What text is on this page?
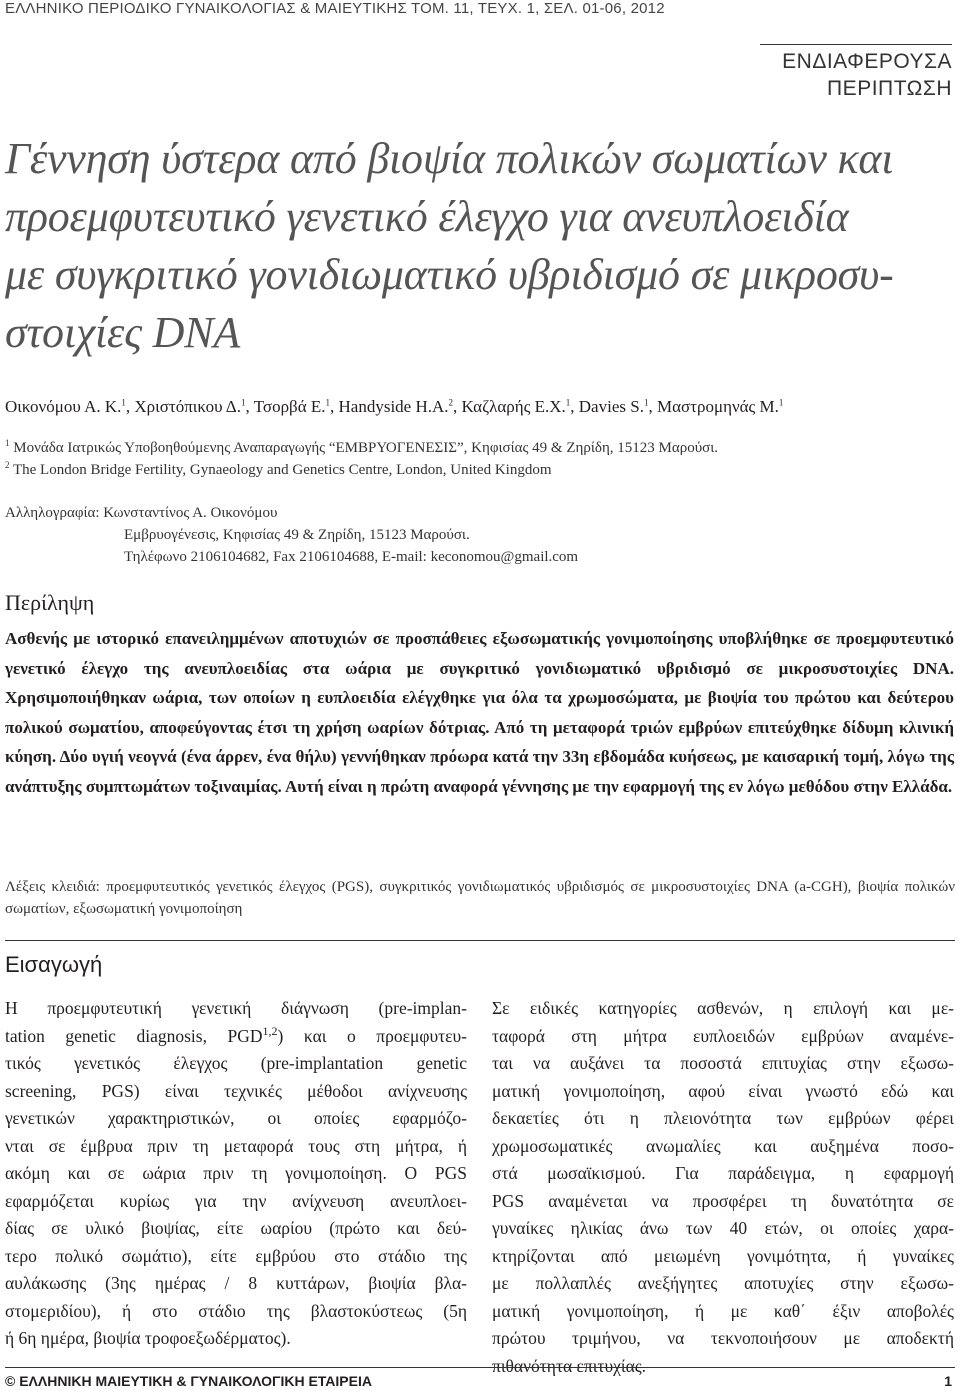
ΕΛΛΗΝΙΚΟ ΠΕΡΙΟΔΙΚΟ ΓΥΝΑΙΚΟΛΟΓΙΑΣ & ΜΑΙΕΥΤΙΚΗΣ ΤΟΜ. 11, ΤΕΥΧ. 1, ΣΕΛ. 01-06, 2012
ΕΝΔΙΑΦΕΡΟΥΣΑ
ΠΕΡΙΠΤΩΣΗ
Γέννηση ύστερα από βιοψία πολικών σωματίων και
προεμφυτευτικό γενετικό έλεγχο για ανευπλοειδία
με συγκριτικό γονιδιωματικό υβριδισμό σε μικροσυ-
στοιχίες DNA
Οικονόμου Α. Κ.$^1$, Χριστόπικου Δ.$^1$, Τσορβά Ε.$^1$, Handyside H.A.$^2$, Καζλαρής Ε.Χ.$^1$, Davies S.$^1$, Μαστρομηνάς Μ.$^1$
$^1$ Μονάδα Ιατρικώς Υποβοηθούμενης Αναπαραγωγής “ΕΜΒΡΥΟΓΕΝΕΣΙΣ”, Κηφισίας 49 & Ζηρίδη, 15123 Μαρούσι.
$^2$ The London Bridge Fertility, Gynaeology and Genetics Centre, London, United Kingdom
Αλληλογραφία: Κωνσταντίνος Α. Οικονόμου
Εμβρυογένεσις, Κηφισίας 49 & Ζηρίδη, 15123 Μαρούσι.
Τηλέφωνο 2106104682, Fax 2106104688, E-mail: keconomou@gmail.com
Περίληψη
Ασθενής με ιστορικό επανειλημμένων αποτυχιών σε προσπάθειες εξωσωματικής γονιμοποίησης υποβλήθηκε σε προεμφυτευτικό γενετικό έλεγχο της ανευπλοειδίας στα ωάρια με συγκριτικό γονιδιωματικό υβριδισμό σε μικροσυστοιχίες DNA. Χρησιμοποιήθηκαν ωάρια, των οποίων η ευπλοειδία ελέγχθηκε για όλα τα χρωμοσώματα, με βιοψία του πρώτου και δεύτερου πολικού σωματίου, αποφεύγοντας έτσι τη χρήση ωαρίων δότριας. Από τη μεταφορά τριών εμβρύων επιτεύχθηκε δίδυμη κλινική κύηση. Δύο υγιή νεογνά (ένα άρρεν, ένα θήλυ) γεννήθηκαν πρόωρα κατά την 33η εβδομάδα κυήσεως, με καισαρική τομή, λόγω της ανάπτυξης συμπτωμάτων τοξιναιμίας. Αυτή είναι η πρώτη αναφορά γέννησης με την εφαρμογή της εν λόγω μεθόδου στην Ελλάδα.
Λέξεις κλειδιά: προεμφυτευτικός γενετικός έλεγχος (PGS), συγκριτικός γονιδιωματικός υβριδισμός σε μικροσυστοιχίες DNA (a-CGH), βιοψία πολικών σωματίων, εξωσωματική γονιμοποίηση
Εισαγωγή
Η προεμφυτευτική γενετική διάγνωση (pre-implan-
tation genetic diagnosis, PGD$^{1,2}$) και ο προεμφυτευ-
τικός γενετικός έλεγχος (pre-implantation genetic
screening, PGS) είναι τεχνικές μέθοδοι ανίχνευσης
γενετικών χαρακτηριστικών, οι οποίες εφαρμόζο-
νται σε έμβρυα πριν τη μεταφορά τους στη μήτρα, ή
ακόμη και σε ωάρια πριν τη γονιμοποίηση. Ο PGS
εφαρμόζεται κυρίως για την ανίχνευση ανευπλοει-
δίας σε υλικό βιοψίας, είτε ωαρίου (πρώτο και δεύ-
τερο πολικό σωμάτιο), είτε εμβρύου στο στάδιο της
αυλάκωσης (3ης ημέρας / 8 κυττάρων, βιοψία βλα-
στομεριδίου), ή στο στάδιο της βλαστοκύστεως (5η
ή 6η ημέρα, βιοψία τροφοεξωδέρματος).
Σε ειδικές κατηγορίες ασθενών, η επιλογή και με-
ταφορά στη μήτρα ευπλοειδών εμβρύων αναμένε-
ται να αυξάνει τα ποσοστά επιτυχίας στην εξωσω-
ματική γονιμοποίηση, αφού είναι γνωστό εδώ και
δεκαετίες ότι η πλειονότητα των εμβρύων φέρει
χρωμοσωματικές ανωμαλίες και αυξημένα ποσο-
στά μωσαϊκισμού. Για παράδειγμα, η εφαρμογή
PGS αναμένεται να προσφέρει τη δυνατότητα σε
γυναίκες ηλικίας άνω των 40 ετών, οι οποίες χαρα-
κτηρίζονται από μειωμένη γονιμότητα, ή γυναίκες
με πολλαπλές ανεξήγητες αποτυχίες στην εξωσω-
ματική γονιμοποίηση, ή με καθ΄ έξιν αποβολές
πρώτου τριμήνου, να τεκνοποιήσουν με αποδεκτή
πιθανότητα επιτυχίας.
© ΕΛΛΗΝΙΚΗ ΜΑΙΕΥΤΙΚΗ & ΓΥΝΑΙΚΟΛΟΓΙΚΗ ΕΤΑΙΡΕΙΑ	1
